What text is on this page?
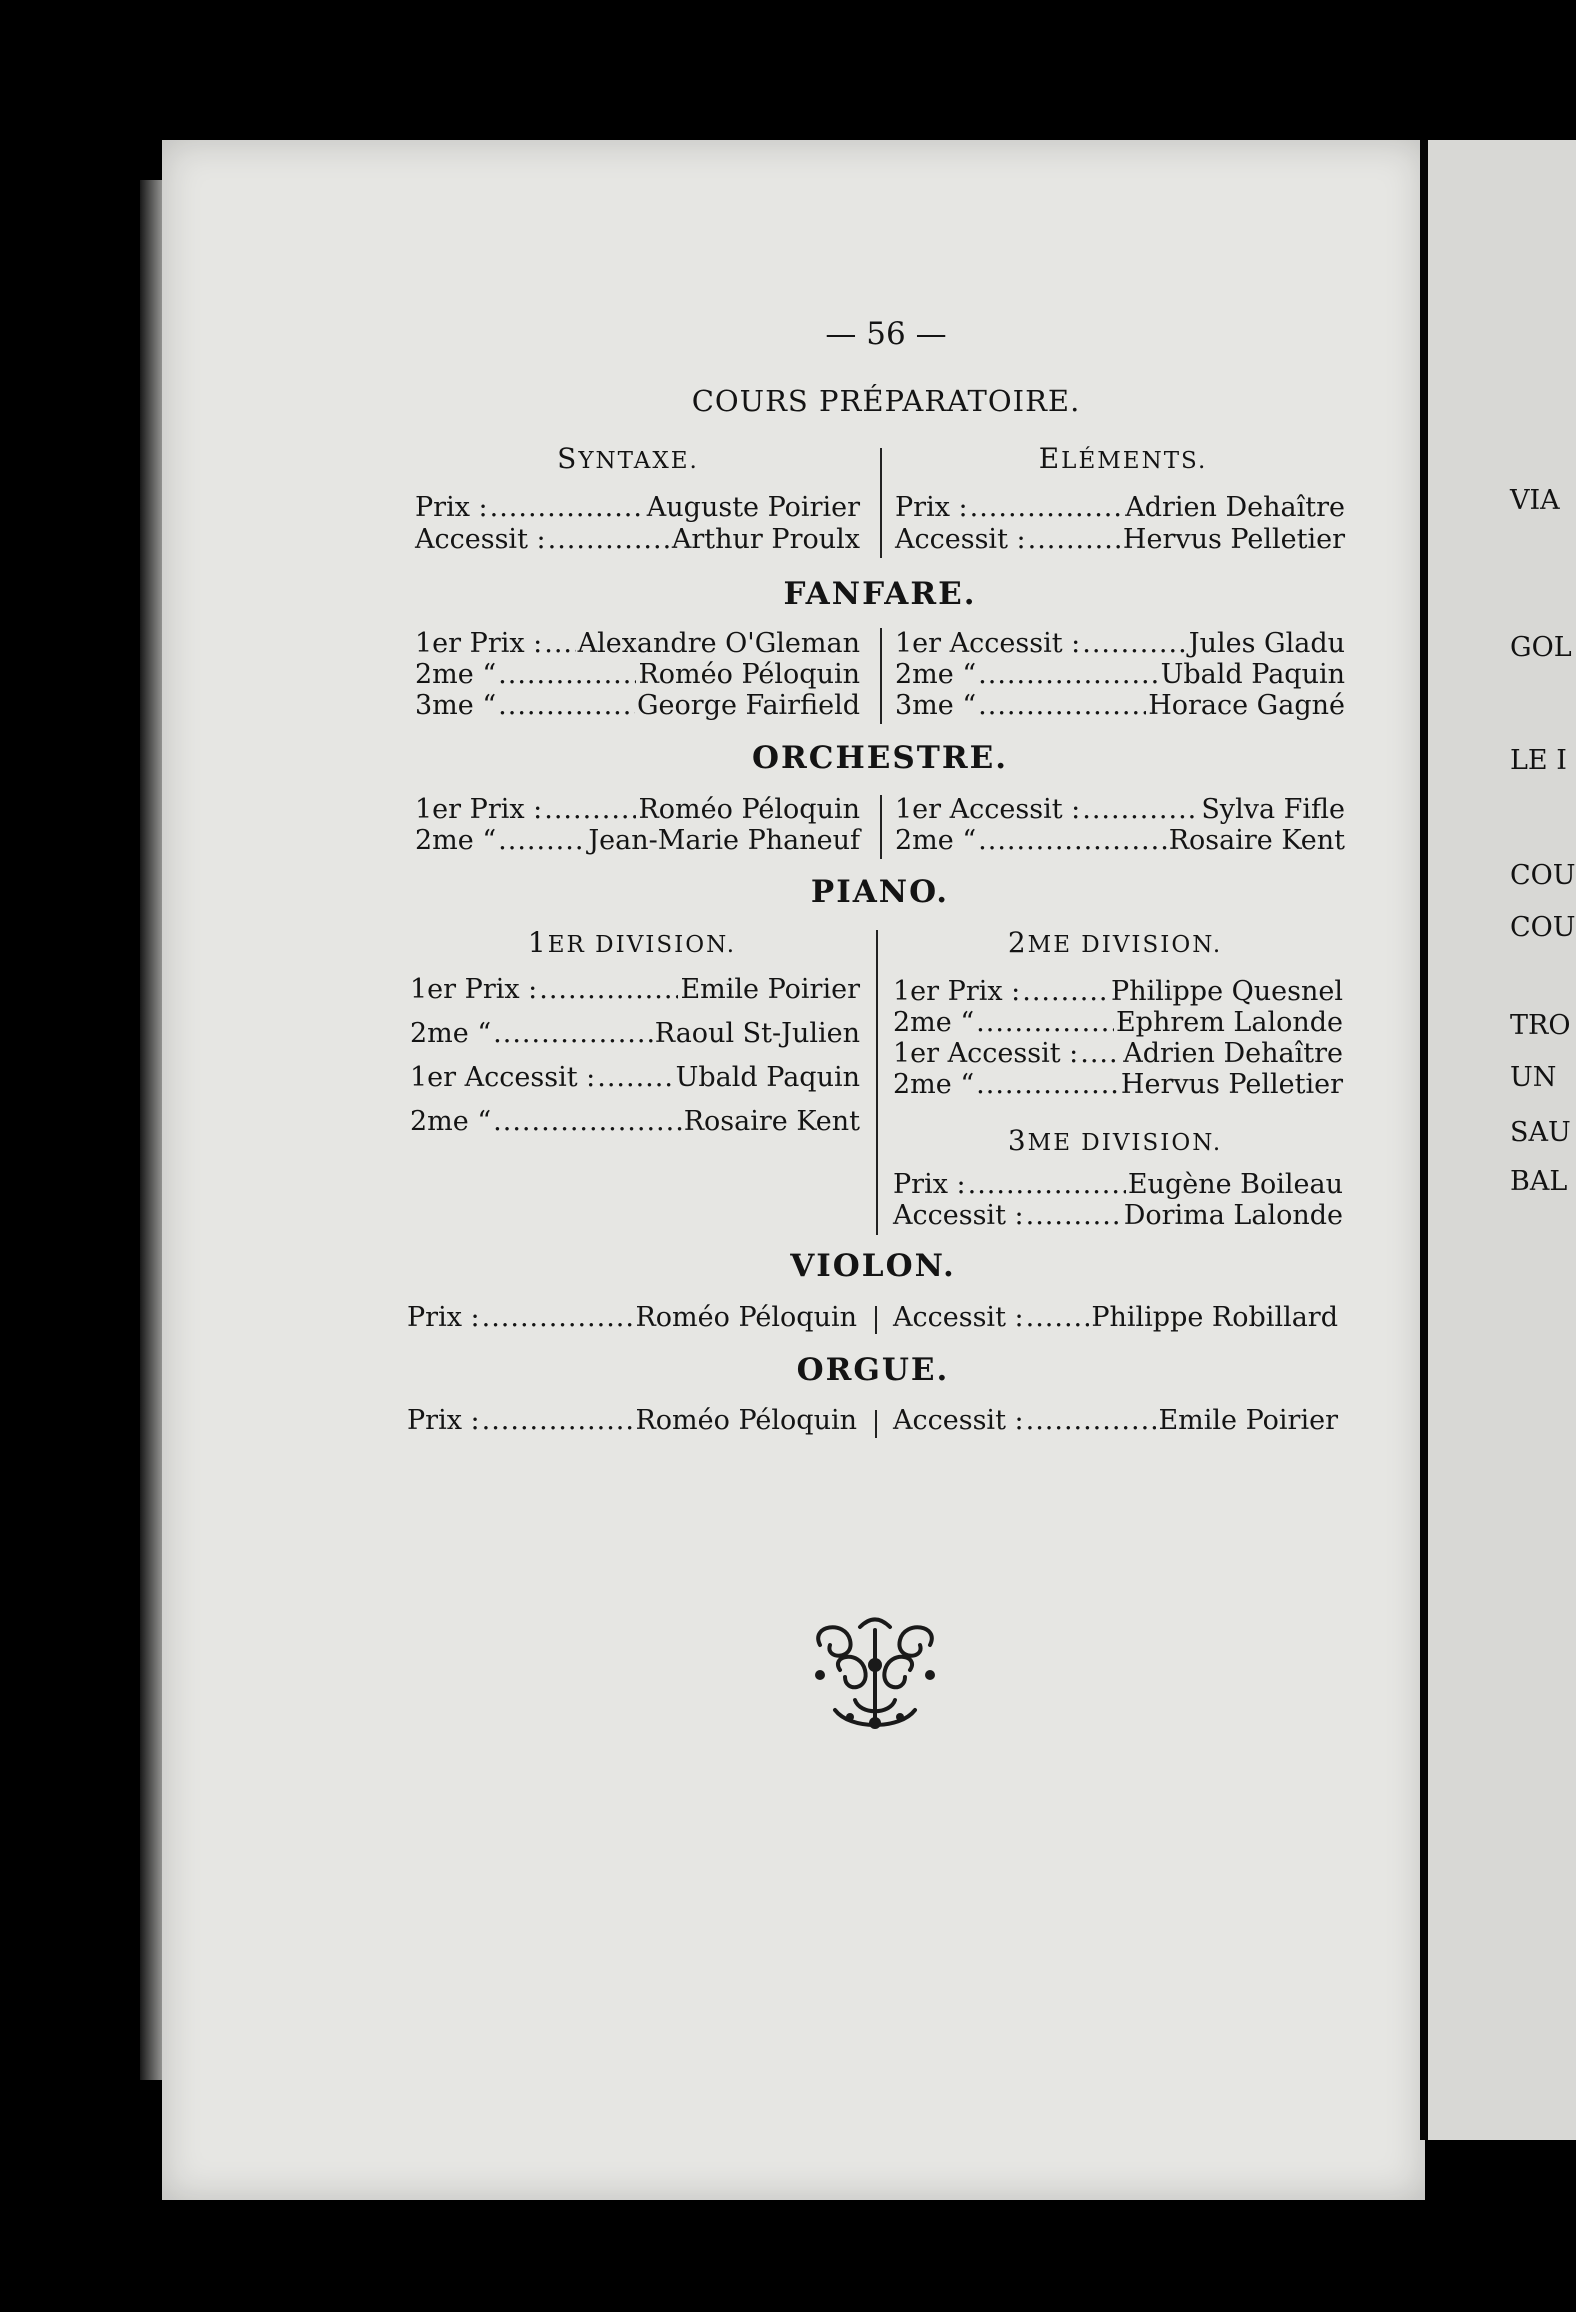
— 56 —
COURS PRÉPARATOIRE.
SYNTAXE.	ELÉMENTS.
Prix : .....	Auguste Poirier
Accessit : .....	Arthur Proulx
Prix : .....	Adrien Dehaître
Accessit : .....	Hervus Pelletier
FANFARE.
1er Prix : ..... Alexandre O'Gleman
2me “ .....	Roméo Péloquin
3me “ .....	George Fairfield
1er Accessit : .....	Jules Gladu
2me “ .....	Ubald Paquin
3me “ .....	Horace Gagné
ORCHESTRE.
1er Prix : .....	Roméo Péloquin
2me “ .....	Jean-Marie Phaneuf
1er Accessit : .....	Sylva Fifle
2me “ .....	Rosaire Kent
PIANO.
1ER DIVISION.	2ME DIVISION.
1er Prix : .....	Emile Poirier
2me “ .....	Raoul St-Julien
1er Accessit : .....	Ubald Paquin
2me “ .....	Rosaire Kent
1er Prix : .....	Philippe Quesnel
2me “ .....	Ephrem Lalonde
1er Accessit : ..... Adrien Dehaître
2me “ .....	Hervus Pelletier
3ME DIVISION.
Prix : .....	Eugène Boileau
Accessit : .....	Dorima Lalonde
VIOLON.
Prix : .....	Roméo Péloquin Accessit : .....	Philippe Robillard
ORGUE.
Prix : .....	Roméo Péloquin Accessit : .....	Emile Poirier
VIA
GOL
LE I
COU
COU
TRO
UN
SAU
BAL
